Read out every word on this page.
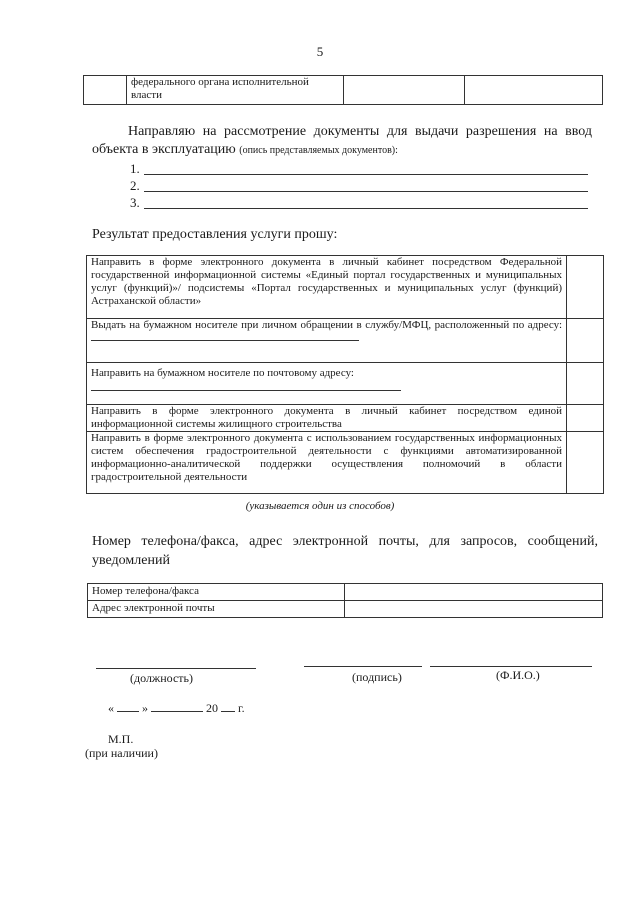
5
	федерального органа исполнительной власти		
Направляю на рассмотрение документы для выдачи разрешения на ввод объекта в эксплуатацию (опись представляемых документов):
1.
2.
3.
Результат предоставления услуги прошу:
Направить в форме электронного документа в личный кабинет посредством Федеральной государственной информационной системы «Единый портал государственных и муниципальных услуг (функций)»/ подсистемы «Портал государственных и муниципальных услуг (функций) Астраханской области»	
Выдать на бумажном носителе при личном обращении в службу/МФЦ, расположенный по адресу:	

Направить на бумажном носителе по почтовому адресу:	

Направить в форме электронного документа в личный кабинет посредством единой информационной системы жилищного строительства	
Направить в форме электронного документа с использованием государственных информационных систем обеспечения градостроительной деятельности с функциями автоматизированной информационно-аналитической поддержки осуществления полномочий в области градостроительной деятельности	
(указывается один из способов)
Номер телефона/факса, адрес электронной почты, для запросов, сообщений, уведомлений
Номер телефона/факса	
Адрес электронной почты	
(должность)	(подпись)	(Ф.И.О.)
« »	20 г.
М.П.
(при наличии)
